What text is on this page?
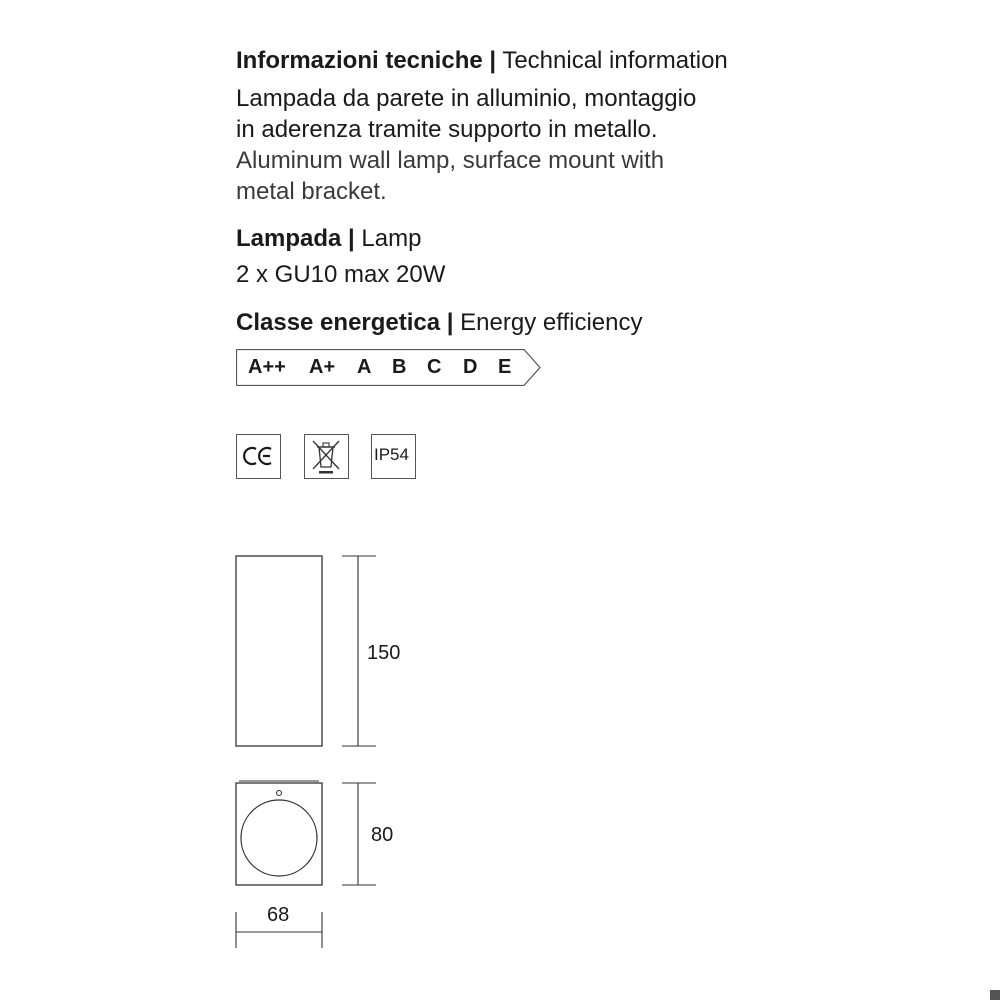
Informazioni tecniche | Technical information
Lampada da parete in alluminio, montaggio
in aderenza tramite supporto in metallo.
Aluminum wall lamp, surface mount with
metal bracket.
Lampada | Lamp
2 x GU10 max 20W
Classe energetica | Energy efficiency
A++ A+ A B C D E
IP54
150
80
68
